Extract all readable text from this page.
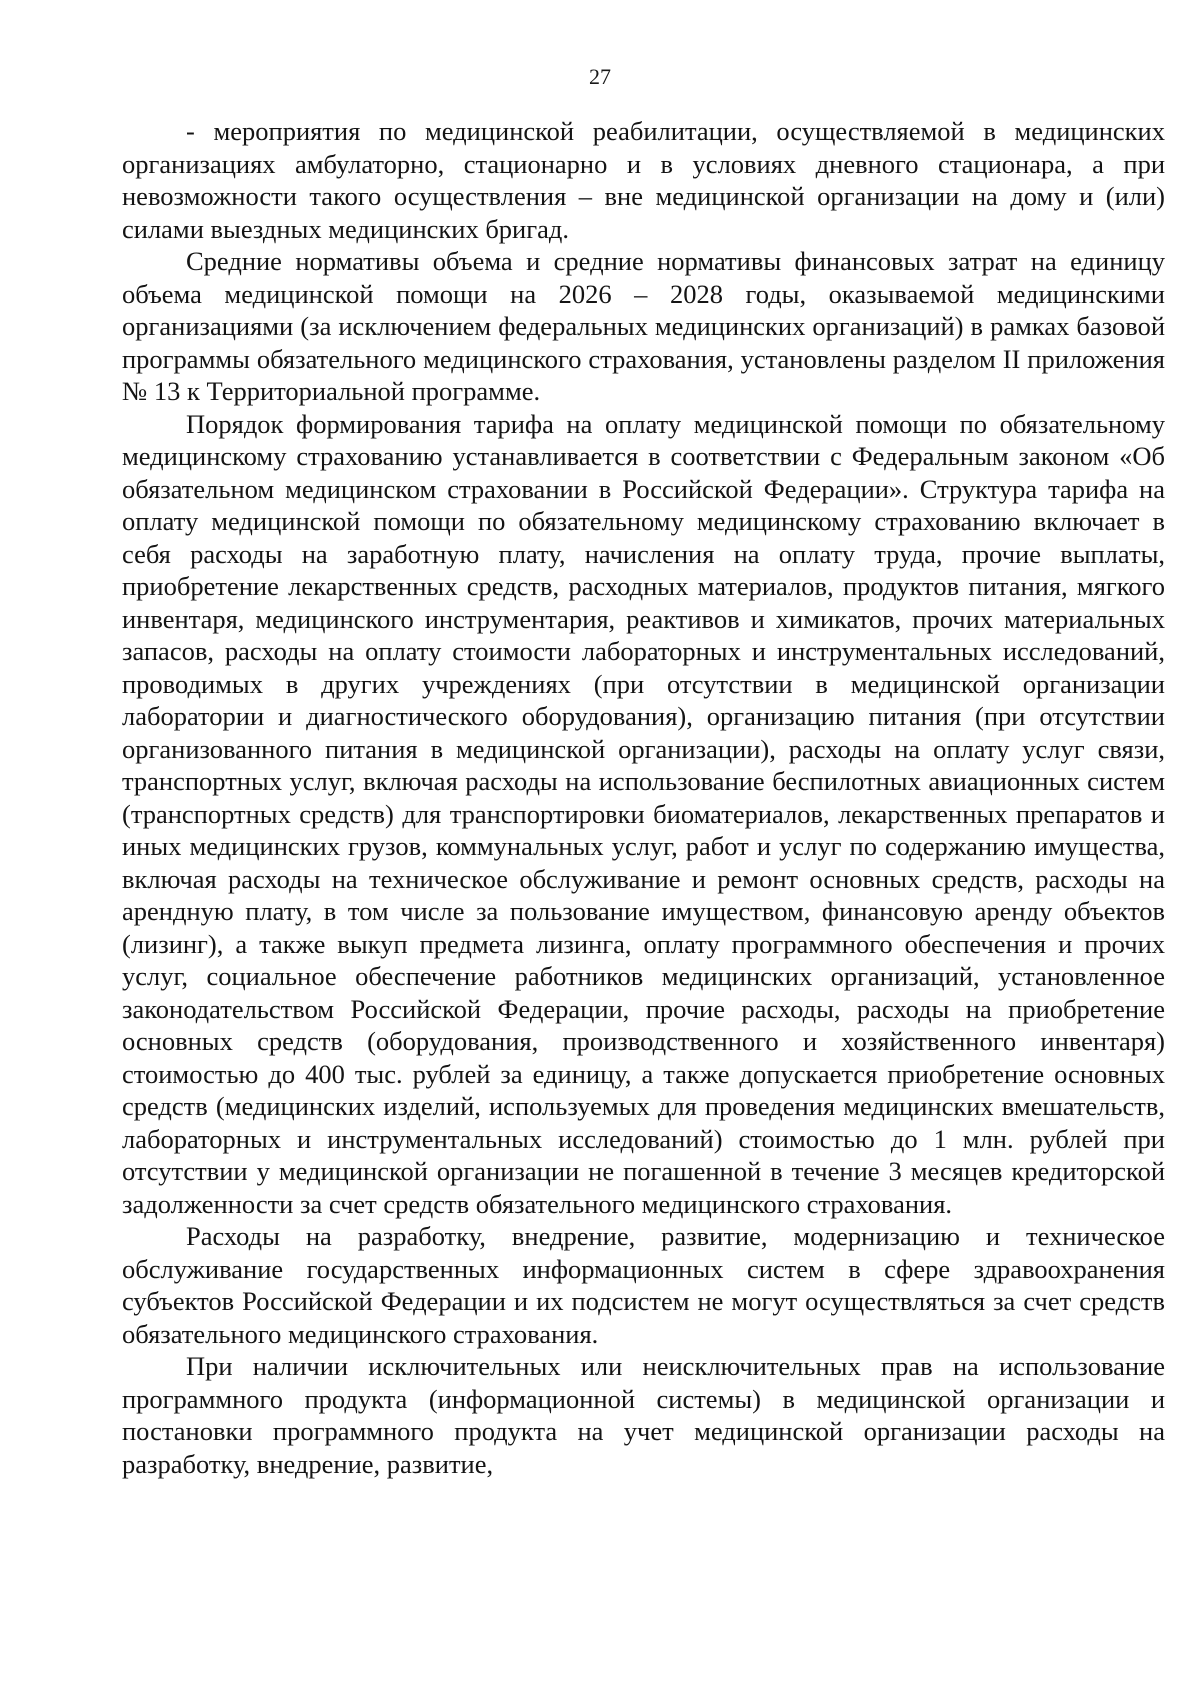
27

- мероприятия по медицинской реабилитации, осуществляемой в медицинских организациях амбулаторно, стационарно и в условиях дневного стационара, а при невозможности такого осуществления – вне медицинской организации на дому и (или) силами выездных медицинских бригад.

Средние нормативы объема и средние нормативы финансовых затрат на единицу объема медицинской помощи на 2026 – 2028 годы, оказываемой медицинскими организациями (за исключением федеральных медицинских организаций) в рамках базовой программы обязательного медицинского страхования, установлены разделом II приложения № 13 к Территориальной программе.

Порядок формирования тарифа на оплату медицинской помощи по обязательному медицинскому страхованию устанавливается в соответствии с Федеральным законом «Об обязательном медицинском страховании в Российской Федерации». Структура тарифа на оплату медицинской помощи по обязательному медицинскому страхованию включает в себя расходы на заработную плату, начисления на оплату труда, прочие выплаты, приобретение лекарственных средств, расходных материалов, продуктов питания, мягкого инвентаря, медицинского инструментария, реактивов и химикатов, прочих материальных запасов, расходы на оплату стоимости лабораторных и инструментальных исследований, проводимых в других учреждениях (при отсутствии в медицинской организации лаборатории и диагностического оборудования), организацию питания (при отсутствии организованного питания в медицинской организации), расходы на оплату услуг связи, транспортных услуг, включая расходы на использование беспилотных авиационных систем (транспортных средств) для транспортировки биоматериалов, лекарственных препаратов и иных медицинских грузов, коммунальных услуг, работ и услуг по содержанию имущества, включая расходы на техническое обслуживание и ремонт основных средств, расходы на арендную плату, в том числе за пользование имуществом, финансовую аренду объектов (лизинг), а также выкуп предмета лизинга, оплату программного обеспечения и прочих услуг, социальное обеспечение работников медицинских организаций, установленное законодательством Российской Федерации, прочие расходы, расходы на приобретение основных средств (оборудования, производственного и хозяйственного инвентаря) стоимостью до 400 тыс. рублей за единицу, а также допускается приобретение основных средств (медицинских изделий, используемых для проведения медицинских вмешательств, лабораторных и инструментальных исследований) стоимостью до 1 млн. рублей при отсутствии у медицинской организации не погашенной в течение 3 месяцев кредиторской задолженности за счет средств обязательного медицинского страхования.

Расходы на разработку, внедрение, развитие, модернизацию и техническое обслуживание государственных информационных систем в сфере здравоохранения субъектов Российской Федерации и их подсистем не могут осуществляться за счет средств обязательного медицинского страхования.

При наличии исключительных или неисключительных прав на использование программного продукта (информационной системы) в медицинской организации и постановки программного продукта на учет медицинской организации расходы на разработку, внедрение, развитие,
